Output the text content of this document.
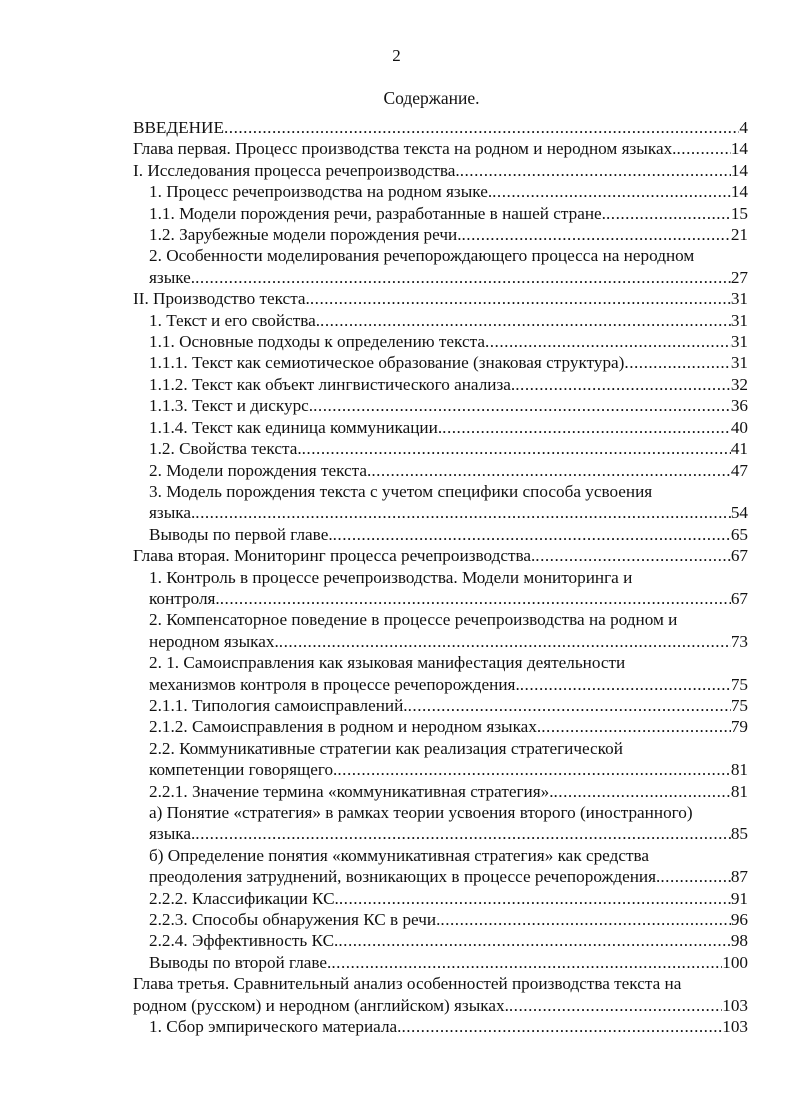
2
Содержание.
ВВЕДЕНИЕ .....	4
Глава первая. Процесс производства текста на родном и неродном языках. .....	14
I. Исследования процесса речепроизводства. .....	14
1. Процесс речепроизводства на родном языке. .....	14
1.1. Модели порождения речи, разработанные в нашей стране. .....	15
1.2. Зарубежные модели порождения речи. .....	21
2. Особенности моделирования речепорождающего процесса на неродном
языке. .....	27
II. Производство текста. .....	31
1. Текст и его свойства. .....	31
1.1. Основные подходы к определению текста .....	31
1.1.1. Текст как семиотическое образование (знаковая структура) .....	31
1.1.2. Текст как объект лингвистического анализа. .....	32
1.1.3. Текст и дискурс. .....	36
1.1.4. Текст как единица коммуникации. .....	40
1.2. Свойства текста. .....	41
2. Модели порождения текста. .....	47
3. Модель порождения текста с учетом специфики способа усвоения
языка. .....	54
Выводы по первой главе. .....	65
Глава вторая. Мониторинг процесса речепроизводства. .....	67
1. Контроль в процессе речепроизводства. Модели мониторинга и
контроля. .....	67
2. Компенсаторное поведение в процессе речепроизводства на родном и
неродном языках. .....	73
2. 1. Самоисправления как языковая манифестация деятельности
механизмов контроля в процессе речепорождения. .....	75
2.1.1. Типология самоисправлений. .....	75
2.1.2. Самоисправления в родном и неродном языках. .....	79
2.2. Коммуникативные стратегии как реализация стратегической
компетенции говорящего. .....	81
2.2.1. Значение термина «коммуникативная стратегия». .....	81
а) Понятие «стратегия» в рамках теории усвоения второго (иностранного)
языка. .....	85
б) Определение понятия «коммуникативная стратегия» как средства
преодоления затруднений, возникающих в процессе речепорождения. .....	87
2.2.2. Классификации КС. .....	91
2.2.3. Способы обнаружения КС в речи. .....	96
2.2.4. Эффективность КС. .....	98
Выводы по второй главе. .....	100
Глава третья. Сравнительный анализ особенностей производства текста на
родном (русском) и неродном (английском) языках. .....	103
1. Сбор эмпирического материала. .....	103
